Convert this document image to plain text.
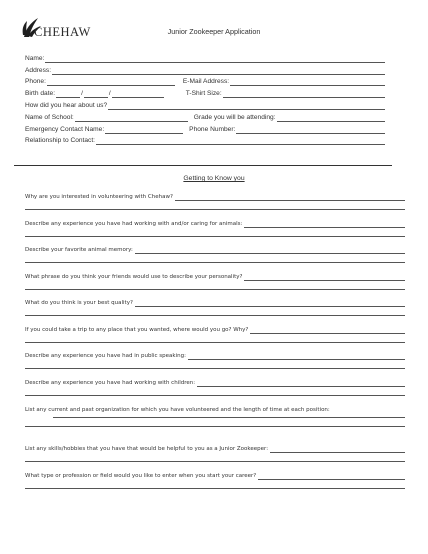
CHEHAW	Junior Zookeeper Application
Name:
Address:
Phone:	E-Mail Address:
Birth date:	/	/	T-Shirt Size:
How did you hear about us?
Name of School:	Grade you will be attending:
Emergency Contact Name:	Phone Number:
Relationship to Contact:
Getting to Know you
Why are you interested in volunteering with Chehaw?
Describe any experience you have had working with and/or caring for animals:
Describe your favorite animal memory:
What phrase do you think your friends would use to describe your personality?
What do you think is your best quality?
If you could take a trip to any place that you wanted, where would you go? Why?
Describe any experience you have had in public speaking:
Describe any experience you have had working with children:
List any current and past organization for which you have volunteered and the length of time at each position:
List any skills/hobbies that you have that would be helpful to you as a Junior Zookeeper:
What type or profession or field would you like to enter when you start your career?
